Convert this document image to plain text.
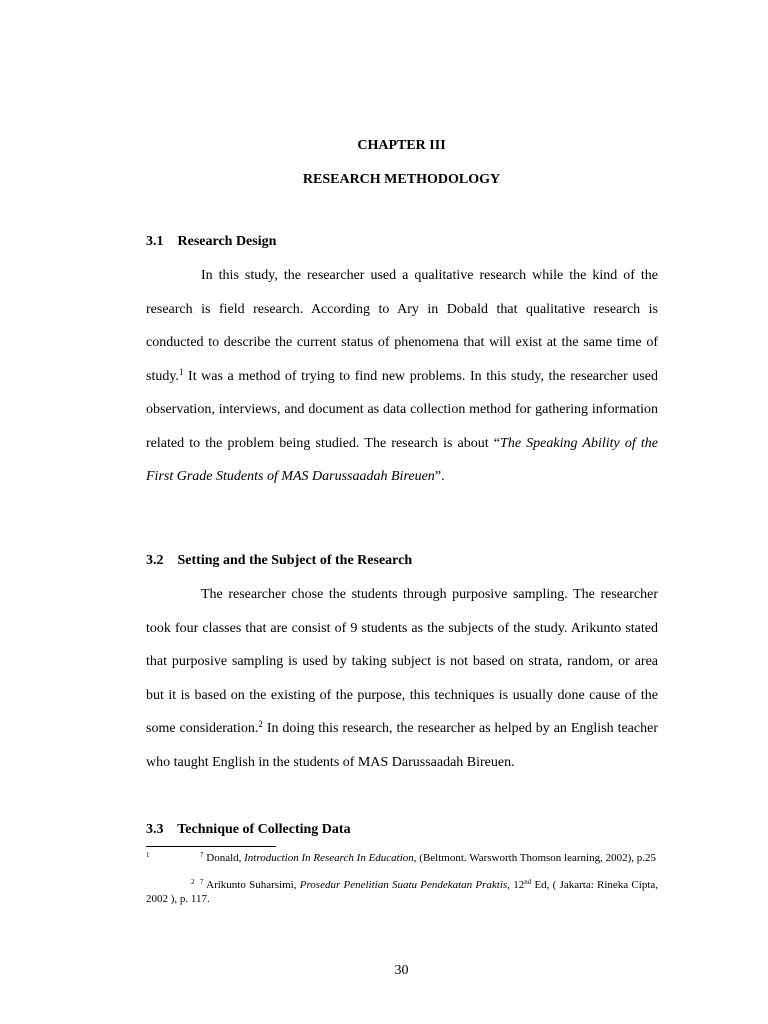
CHAPTER III
RESEARCH METHODOLOGY
3.1 Research Design

In this study, the researcher used a qualitative research while the kind of the research is field research. According to Ary in Dobald that qualitative research is conducted to describe the current status of phenomena that will exist at the same time of study.$^1$ It was a method of trying to find new problems. In this study, the researcher used observation, interviews, and document as data collection method for gathering information related to the problem being studied. The research is about “The Speaking Ability of the First Grade Students of MAS Darussaadah Bireuen”.

3.2 Setting and the Subject of the Research

The researcher chose the students through purposive sampling. The researcher took four classes that are consist of 9 students as the subjects of the study. Arikunto stated that purposive sampling is used by taking subject is not based on strata, random, or area but it is based on the existing of the purpose, this techniques is usually done cause of the some consideration.$^2$ In doing this research, the researcher as helped by an English teacher who taught English in the students of MAS Darussaadah Bireuen.

3.3 Technique of Collecting Data

$^1$	$^7$ Donald, Introduction In Research In Education, (Beltmont. Warsworth Thomson learning, 2002), p.25

$^2$ $^7$ Arikunto Suharsimi, Prosedur Penelitian Suatu Pendekatan Praktis, 12nd Ed, ( Jakarta: Rineka Cipta, 2002 ), p. 117.

30
